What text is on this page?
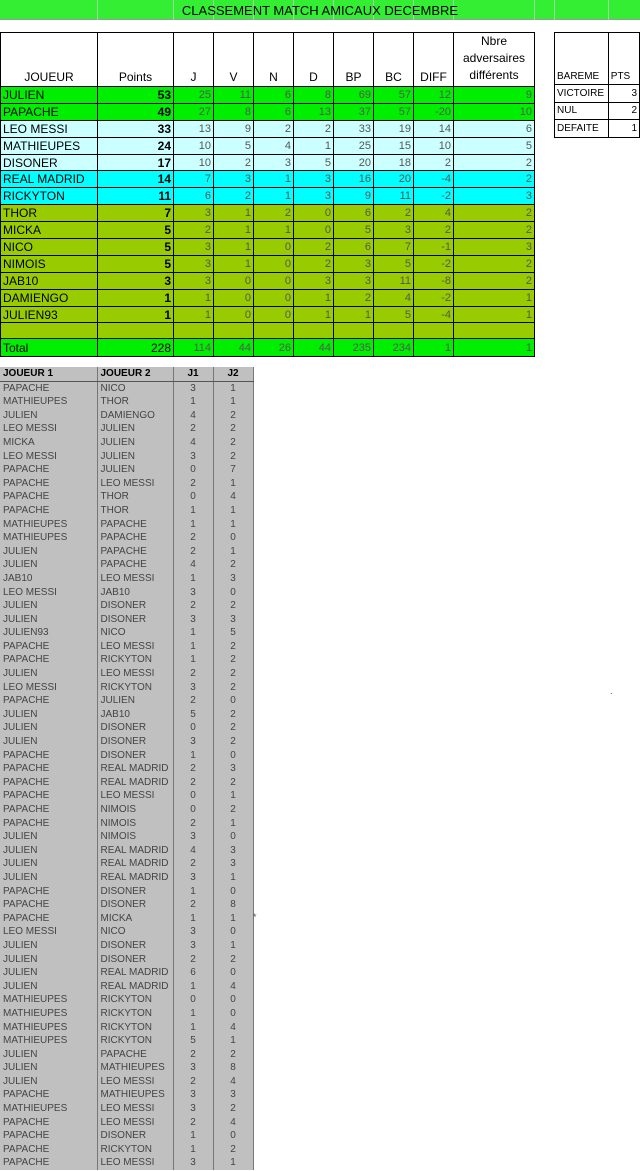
CLASSEMENT MATCH AMICAUX DECEMBRE
JOUEUR	Points	J	V	N	D	BP	BC	DIFF	Nbre adversaires différents
JULIEN	53	25	11	6	8	69	57	12	9
PAPACHE	49	27	8	6	13	37	57	-20	10
LEO MESSI	33	13	9	2	2	33	19	14	6
MATHIEUPES	24	10	5	4	1	25	15	10	5
DISONER	17	10	2	3	5	20	18	2	2
REAL MADRID	14	7	3	1	3	16	20	-4	2
RICKYTON	11	6	2	1	3	9	11	-2	3
THOR	7	3	1	2	0	6	2	4	2
MICKA	5	2	1	1	0	5	3	2	2
NICO	5	3	1	0	2	6	7	-1	3
NIMOIS	5	3	1	0	2	3	5	-2	2
JAB10	3	3	0	0	3	3	11	-8	2
DAMIENGO	1	1	0	0	1	2	4	-2	1
JULIEN93	1	1	0	0	1	1	5	-4	1

Total	228	114	44	26	44	235	234	1	1
BAREME	PTS
VICTOIRE	3
NUL	2
DEFAITE	1
JOUEUR 1	JOUEUR 2	J1	J2
PAPACHE	NICO	3	1
MATHIEUPES	THOR	1	1
JULIEN	DAMIENGO	4	2
LEO MESSI	JULIEN	2	2
MICKA	JULIEN	4	2
LEO MESSI	JULIEN	3	2
PAPACHE	JULIEN	0	7
PAPACHE	LEO MESSI	2	1
PAPACHE	THOR	0	4
PAPACHE	THOR	1	1
MATHIEUPES	PAPACHE	1	1
MATHIEUPES	PAPACHE	2	0
JULIEN	PAPACHE	2	1
JULIEN	PAPACHE	4	2
JAB10	LEO MESSI	1	3
LEO MESSI	JAB10	3	0
JULIEN	DISONER	2	2
JULIEN	DISONER	3	3
JULIEN93	NICO	1	5
PAPACHE	LEO MESSI	1	2
PAPACHE	RICKYTON	1	2
JULIEN	LEO MESSI	2	2
LEO MESSI	RICKYTON	3	2
PAPACHE	JULIEN	2	0
JULIEN	JAB10	5	2
JULIEN	DISONER	0	2
JULIEN	DISONER	3	2
PAPACHE	DISONER	1	0
PAPACHE	REAL MADRID	2	3
PAPACHE	REAL MADRID	2	2
PAPACHE	LEO MESSI	0	1
PAPACHE	NIMOIS	0	2
PAPACHE	NIMOIS	2	1
JULIEN	NIMOIS	3	0
JULIEN	REAL MADRID	4	3
JULIEN	REAL MADRID	2	3
JULIEN	REAL MADRID	3	1
PAPACHE	DISONER	1	0
PAPACHE	DISONER	2	8
PAPACHE	MICKA	1	1
LEO MESSI	NICO	3	0
JULIEN	DISONER	3	1
JULIEN	DISONER	2	2
JULIEN	REAL MADRID	6	0
JULIEN	REAL MADRID	1	4
MATHIEUPES	RICKYTON	0	0
MATHIEUPES	RICKYTON	1	0
MATHIEUPES	RICKYTON	1	4
MATHIEUPES	RICKYTON	5	1
JULIEN	PAPACHE	2	2
JULIEN	MATHIEUPES	3	8
JULIEN	LEO MESSI	2	4
PAPACHE	MATHIEUPES	3	3
MATHIEUPES	LEO MESSI	3	2
PAPACHE	LEO MESSI	2	4
PAPACHE	DISONER	1	0
PAPACHE	RICKYTON	1	2
PAPACHE	LEO MESSI	3	1
*
.
